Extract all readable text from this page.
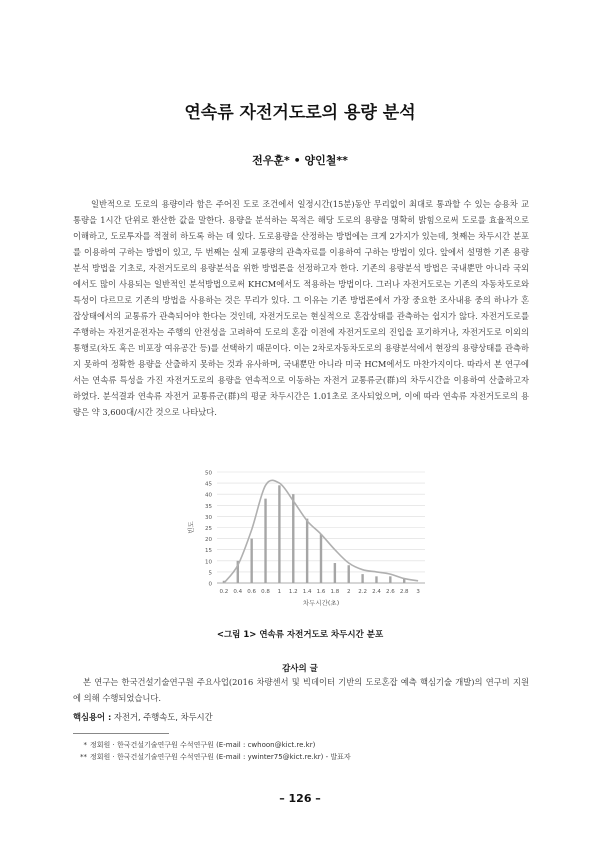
연속류 자전거도로의 용량 분석
전우훈* • 양인철**

일반적으로 도로의 용량이라 함은 주어진 도로 조건에서 일정시간(15분)동안 무리없이 최대로 통과할 수 있는 승용차 교통량을 1시간 단위로 환산한 값을 말한다. 용량을 분석하는 목적은 해당 도로의 용량을 명확히 밝힘으로써 도로를 효율적으로 이해하고, 도로투자를 적절히 하도록 하는 데 있다. 도로용량을 산정하는 방법에는 크게 2가지가 있는데, 첫째는 차두시간 분포를 이용하여 구하는 방법이 있고, 두 번째는 실제 교통량의 관측자료를 이용하여 구하는 방법이 있다. 앞에서 설명한 기존 용량분석 방법을 기초로, 자전거도로의 용량분석을 위한 방법론을 선정하고자 한다. 기존의 용량분석 방법은 국내뿐만 아니라 국외에서도 많이 사용되는 일반적인 분석방법으로써 KHCM에서도 적용하는 방법이다. 그러나 자전거도로는 기존의 자동차도로와 특성이 다르므로 기존의 방법을 사용하는 것은 무리가 있다. 그 이유는 기존 방법론에서 가장 중요한 조사내용 중의 하나가 혼잡상태에서의 교통류가 관측되어야 한다는 것인데, 자전거도로는 현실적으로 혼잡상태를 관측하는 쉽지가 않다. 자전거도로를 주행하는 자전거운전자는 주행의 안전성을 고려하여 도로의 혼잡 이전에 자전거도로의 진입을 포기하거나, 자전거도로 이외의 통행로(차도 혹은 비포장 여유공간 등)를 선택하기 때문이다. 이는 2차로자동차도로의 용량분석에서 현장의 용량상태를 관측하지 못하여 정확한 용량을 산출하지 못하는 것과 유사하며, 국내뿐만 아니라 미국 HCM에서도 마찬가지이다. 따라서 본 연구에서는 연속류 특성을 가진 자전거도로의 용량을 연속적으로 이동하는 자전거 교통류군(群)의 차두시간을 이용하여 산출하고자 하였다. 분석결과 연속류 자전거 교통류군(群)의 평균 차두시간은 1.01초로 조사되었으며, 이에 따라 연속류 자전거도로의 용량은 약 3,600대/시간 것으로 나타났다.

0
5
10
15
20
25
30
35
40
45
50
0.2 0.4 0.6 0.8 1 1.2 1.4 1.6 1.8 2 2.2 2.4 2.6 2.8 3
차두시간(초)
빈도
<그림 1> 연속류 자전거도로 차두시간 분포
감사의 글

본 연구는 한국건설기술연구원 주요사업(2016 차량센서 및 빅데이터 기반의 도로혼잡 예측 핵심기술 개발)의 연구비 지원에 의해 수행되었습니다.

핵심용어 : 자전거, 주행속도, 차두시간
* 정회원 · 한국건설기술연구원 수석연구원 (E-mail : cwhoon@kict.re.kr)
** 정회원 · 한국건설기술연구원 수석연구원 (E-mail : ywinter75@kict.re.kr) - 발표자
– 126 –
